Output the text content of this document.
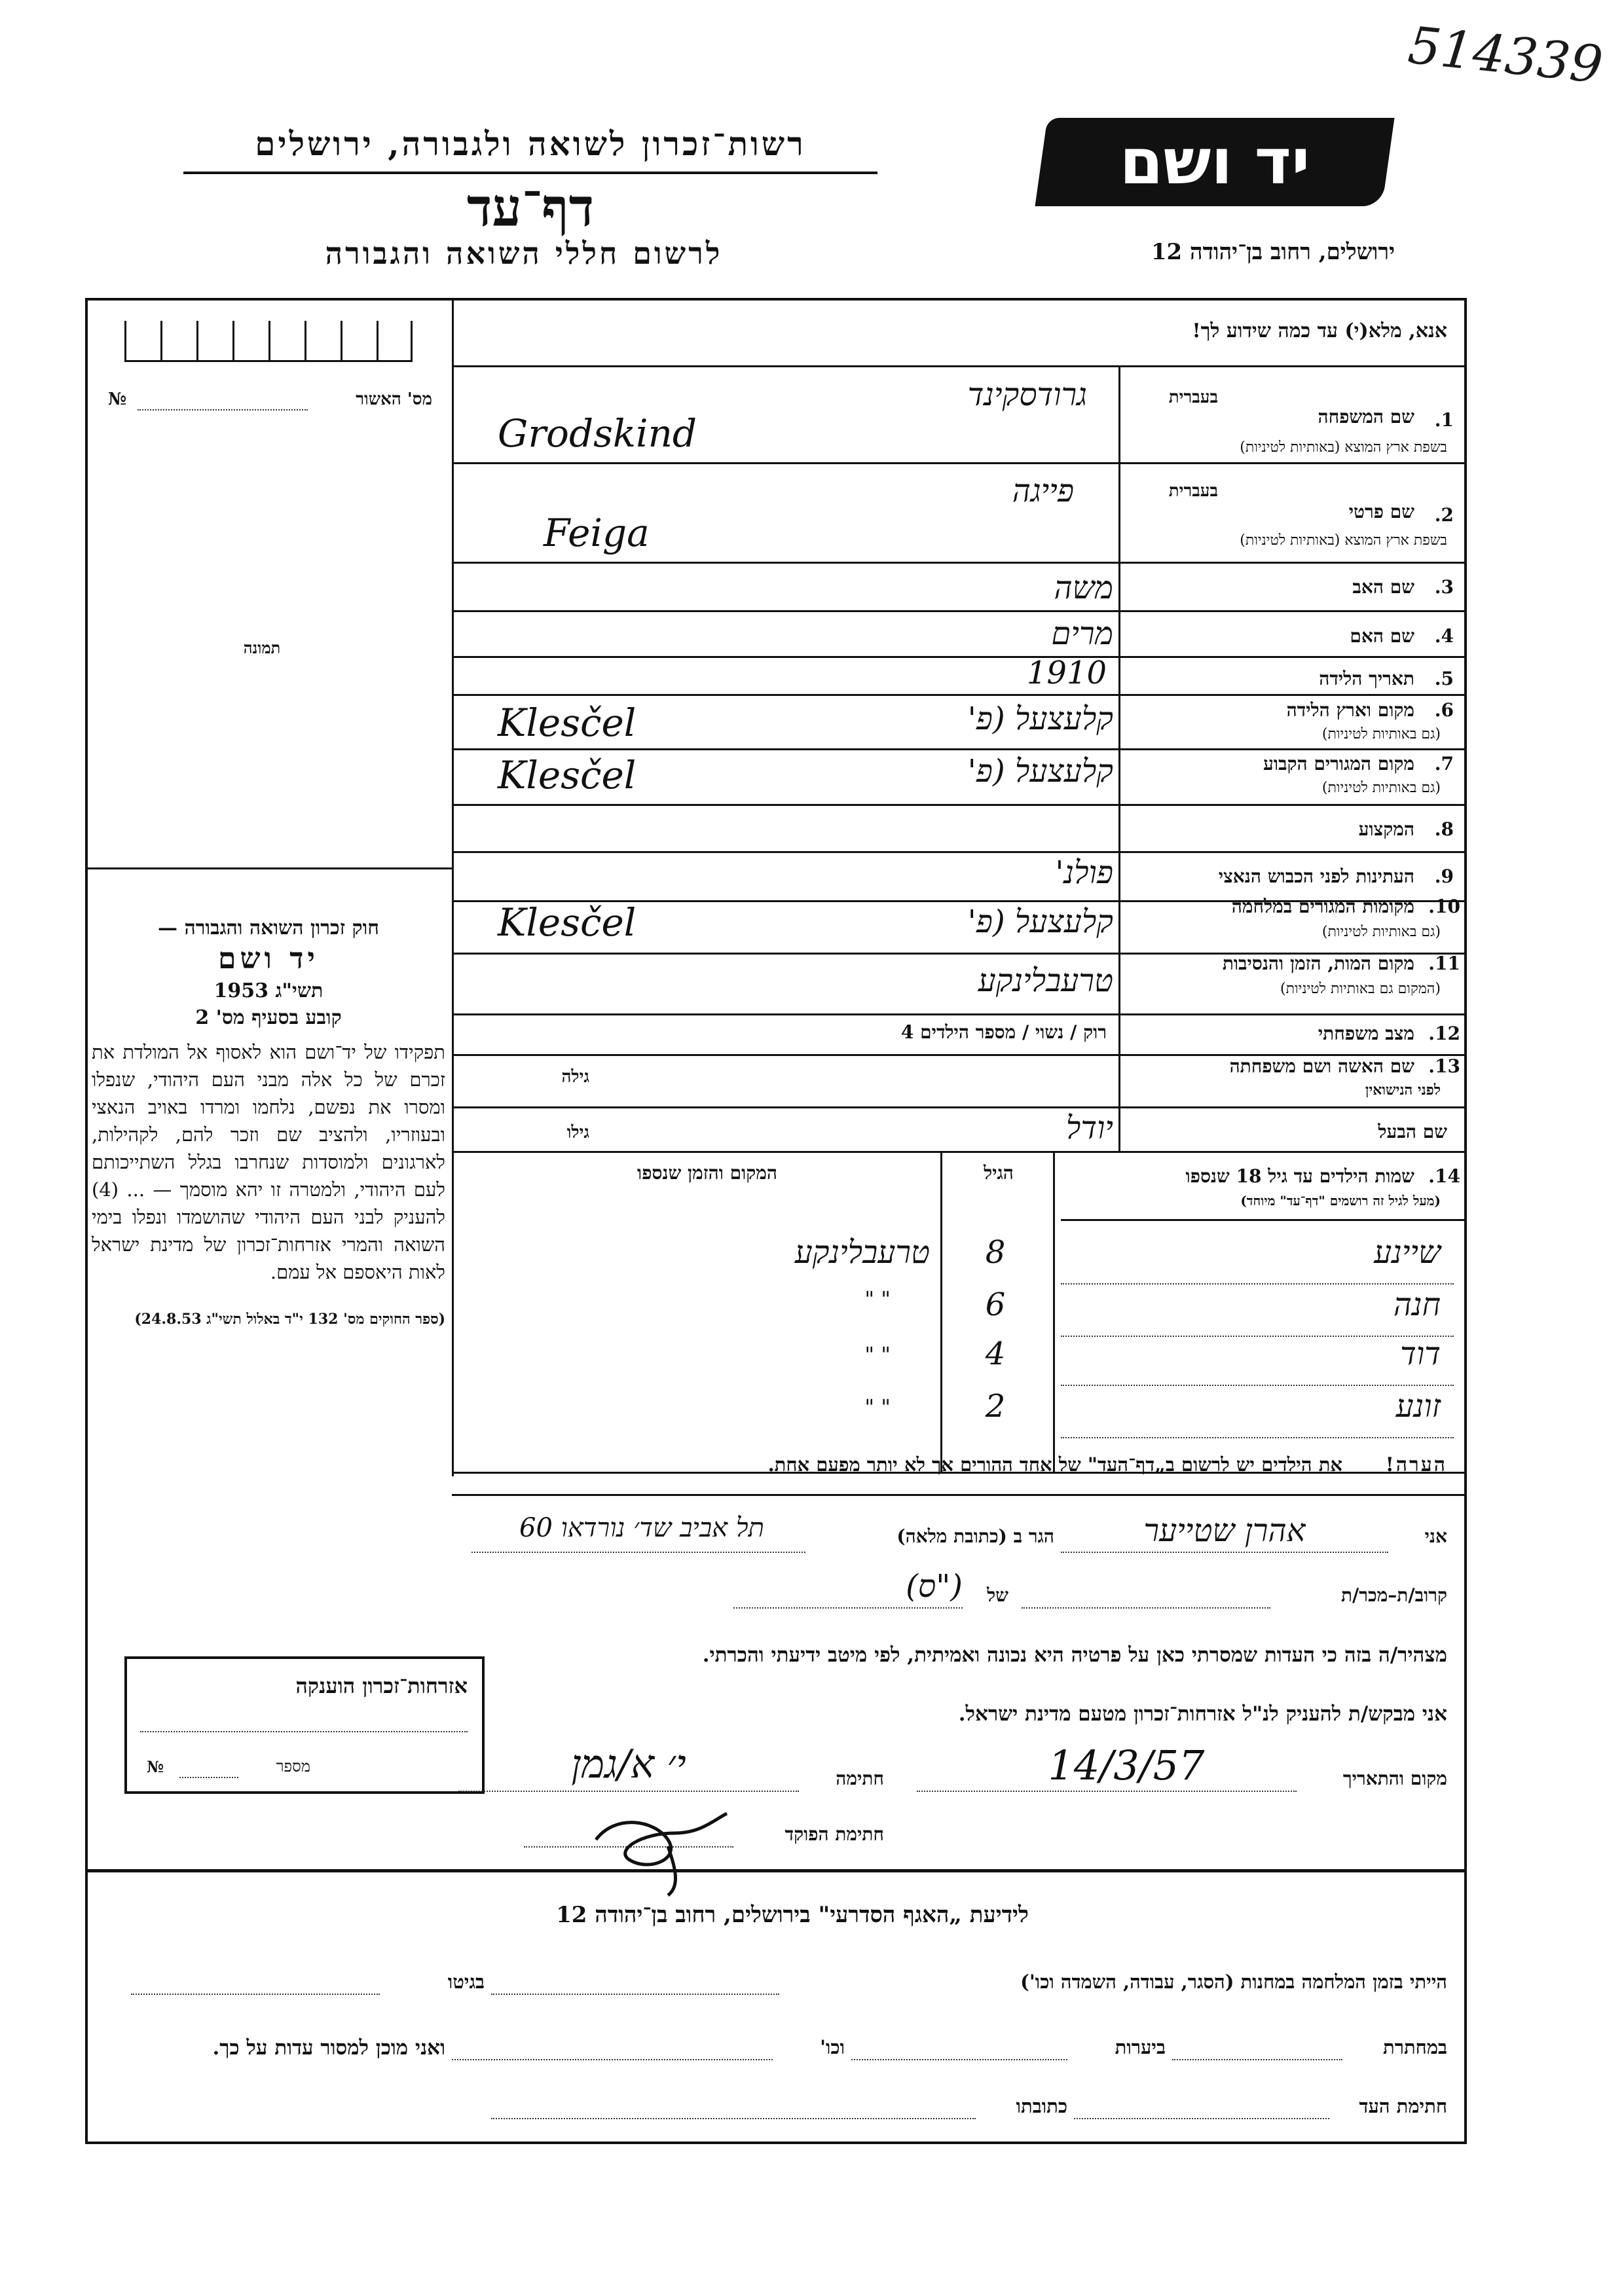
514339
רשות־זכרון לשואה ולגבורה, ירושלים
דף־עד
לרשום חללי השואה והגבורה
יד ושם
ירושלים, רחוב בן־יהודה 12
מס' האשור
№
תמונה

חוק זכרון השואה והגבורה —

יד ושם

תשי"ג 1953

קובע בסעיף מס' 2

תפקידו של יד־ושם הוא לאסוף אל המולדת את זכרם של כל אלה מבני העם היהודי, שנפלו ומסרו את נפשם, נלחמו ומרדו באויב הנאצי ובעוזריו, ולהציב שם וזכר להם, לקהילות, לארגונים ולמוסדות שנחרבו בגלל השתייכותם לעם היהודי, ולמטרה זו יהא מוסמך — ... (4) להעניק לבני העם היהודי שהושמדו ונפלו בימי השואה והמרי אזרחות־זכרון של מדינת ישראל לאות היאספם אל עמם.

(ספר החוקים מס' 132 י"ד באלול תשי"ג 24.8.53)

אזרחות־זכרון הוענקה
מספר
№
אנא, מלא(י) עד כמה שידוע לך!
1.
שם המשפחה
בשפת ארץ המוצא (באותיות לטיניות)
בעברית
גרודסקינד
Grodskind
2.
שם פרטי
בשפת ארץ המוצא (באותיות לטיניות)
בעברית
פייגה
Feiga
3.
שם האב
משה
4.
שם האם
מרים
5.
תאריך הלידה
1910
6.
מקום וארץ הלידה
(גם באותיות לטיניות)
קלעצעל (פ'
Klesčel
7.
מקום המגורים הקבוע
(גם באותיות לטיניות)
קלעצעל (פ'
Klesčel
8.
המקצוע
9.
העתינות לפני הכבוש הנאצי
פולנ'
10.
מקומות המגורים במלחמה
(גם באותיות לטיניות)
קלעצעל (פ'
Klesčel
11.
מקום המות, הזמן והנסיבות
(המקום גם באותיות לטיניות)
טרעבלינקע
12.
מצב משפחתי
רוק / נשוי / מספר הילדים 4
13.
שם האשה ושם משפחתה
לפני הנישואין
גילה
שם הבעל
גילו	יודל
14.
שמות הילדים עד גיל 18 שנספו
(מעל לגיל זה רושמים "דף־עד" מיוחד)
הגיל
המקום והזמן שנספו
שיינע
8
טרעבלינקע
חנה
6
" "
דוד
4
" "
זונע
2
" "
הערה!
את הילדים יש לרשום ב„דף־העד" של אחד ההורים אך לא יותר מפעם אחת.
אני
אהרן שטייער
הגר ב (כתובת מלאה)
תל אביב שד׳ נורדאו 60
קרוב/ת–מכר/ת
של
("ס)
מצהיר/ה בזה כי העדות שמסרתי כאן על פרטיה היא נכונה ואמיתית, לפי מיטב ידיעתי והכרתי.
אני מבקש/ת להעניק לנ"ל אזרחות־זכרון מטעם מדינת ישראל.
מקום והתאריך
14/3/57
חתימה
י׳ א/גמן
חתימת הפוקד
לידיעת „האגף הסדרעי" בירושלים, רחוב בן־יהודה 12
הייתי בזמן המלחמה במחנות (הסגר, עבודה, השמדה וכו')
בגיטו
במחתרת
ביערות
וכו'
ואני מוכן למסור עדות על כך.
חתימת העד
כתובתו
